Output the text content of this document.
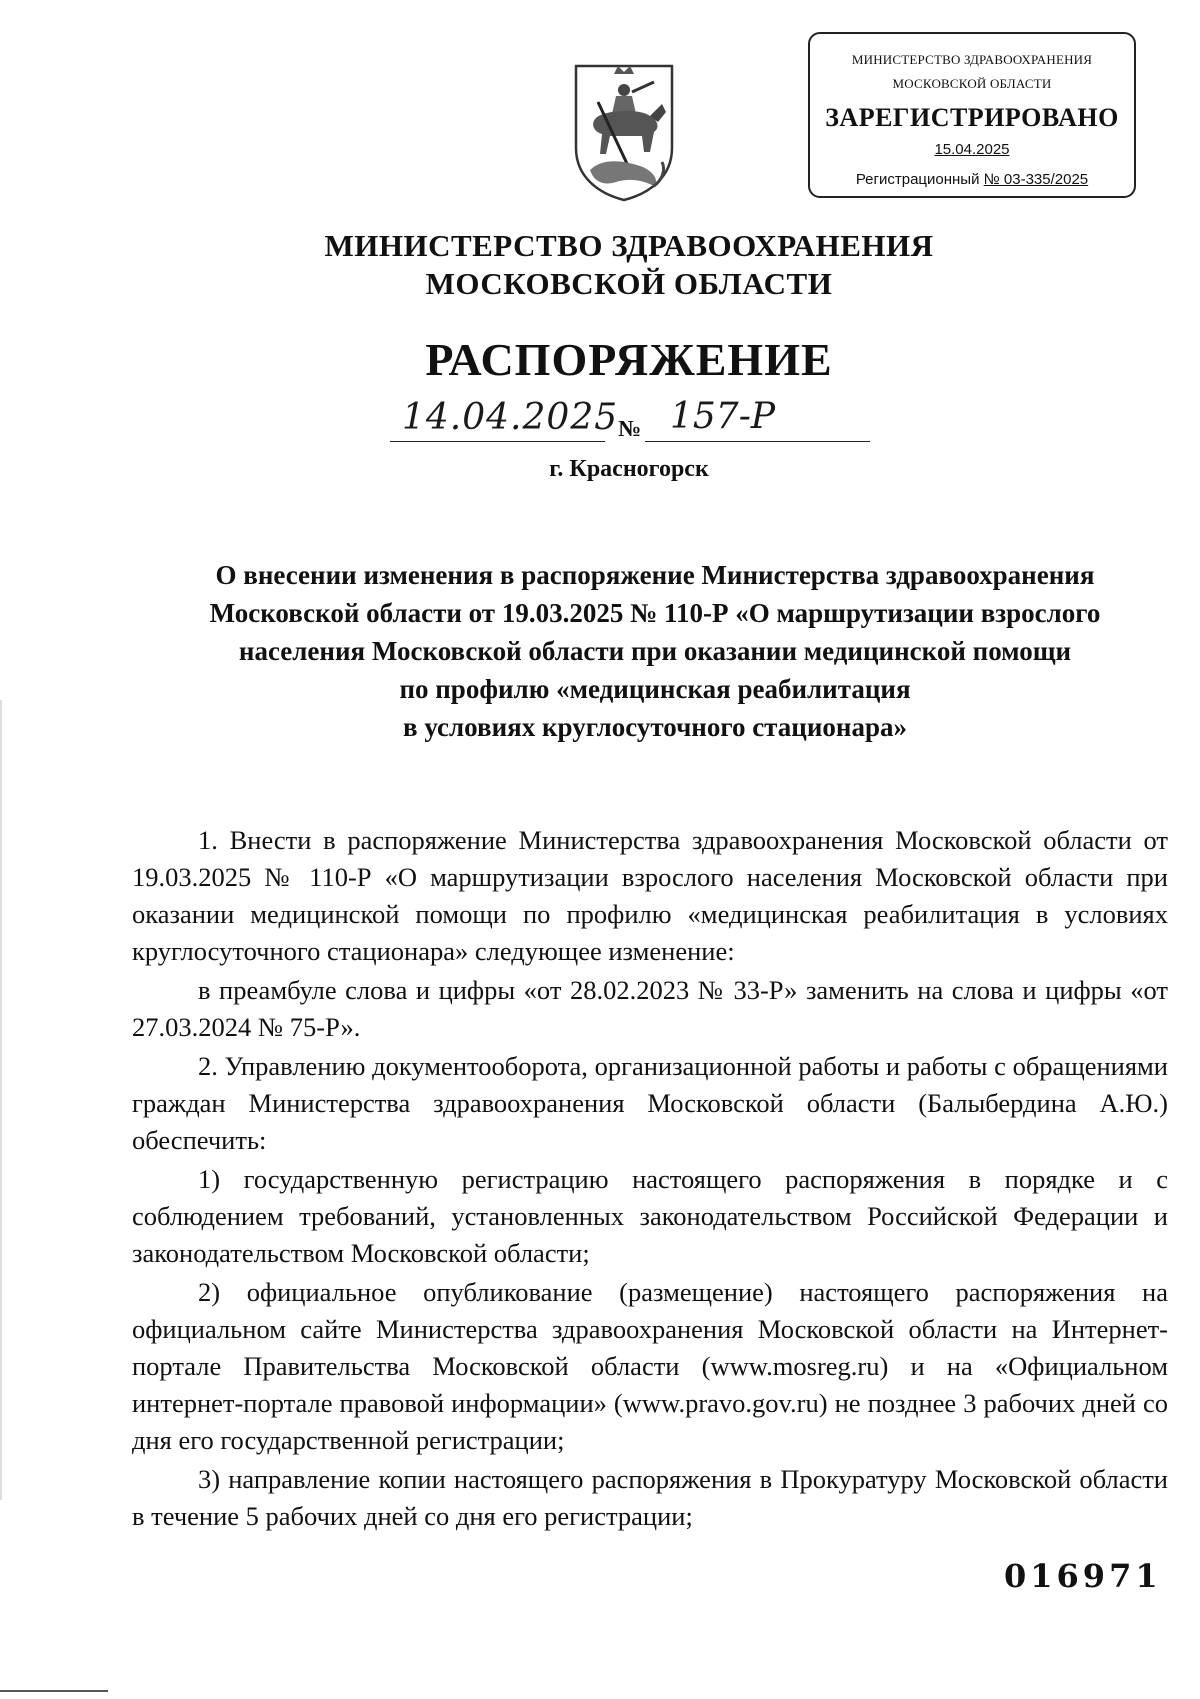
МИНИСТЕРСТВО ЗДРАВООХРАНЕНИЯ
МОСКОВСКОЙ ОБЛАСТИ
ЗАРЕГИСТРИРОВАНО
15.04.2025
Регистрационный № 03-335/2025
МИНИСТЕРСТВО ЗДРАВООХРАНЕНИЯ
МОСКОВСКОЙ ОБЛАСТИ
РАСПОРЯЖЕНИЕ
14.04.2025 № 157-Р
г. Красногорск
О внесении изменения в распоряжение Министерства здравоохранения
Московской области от 19.03.2025 № 110-Р «О маршрутизации взрослого
населения Московской области при оказании медицинской помощи
по профилю «медицинская реабилитация
в условиях круглосуточного стационара»

1. Внести в распоряжение Министерства здравоохранения Московской области от 19.03.2025 № 110-Р «О маршрутизации взрослого населения Московской области при оказании медицинской помощи по профилю «медицинская реабилитация в условиях круглосуточного стационара» следующее изменение:

в преамбуле слова и цифры «от 28.02.2023 № 33-Р» заменить на слова и цифры «от 27.03.2024 № 75-Р».

2. Управлению документооборота, организационной работы и работы с обращениями граждан Министерства здравоохранения Московской области (Балыбердина А.Ю.) обеспечить:

1) государственную регистрацию настоящего распоряжения в порядке и с соблюдением требований, установленных законодательством Российской Федерации и законодательством Московской области;

2) официальное опубликование (размещение) настоящего распоряжения на официальном сайте Министерства здравоохранения Московской области на Интернет-портале Правительства Московской области (www.mosreg.ru) и на «Официальном интернет-портале правовой информации» (www.pravo.gov.ru) не позднее 3 рабочих дней со дня его государственной регистрации;

3) направление копии настоящего распоряжения в Прокуратуру Московской области в течение 5 рабочих дней со дня его регистрации;

016971
